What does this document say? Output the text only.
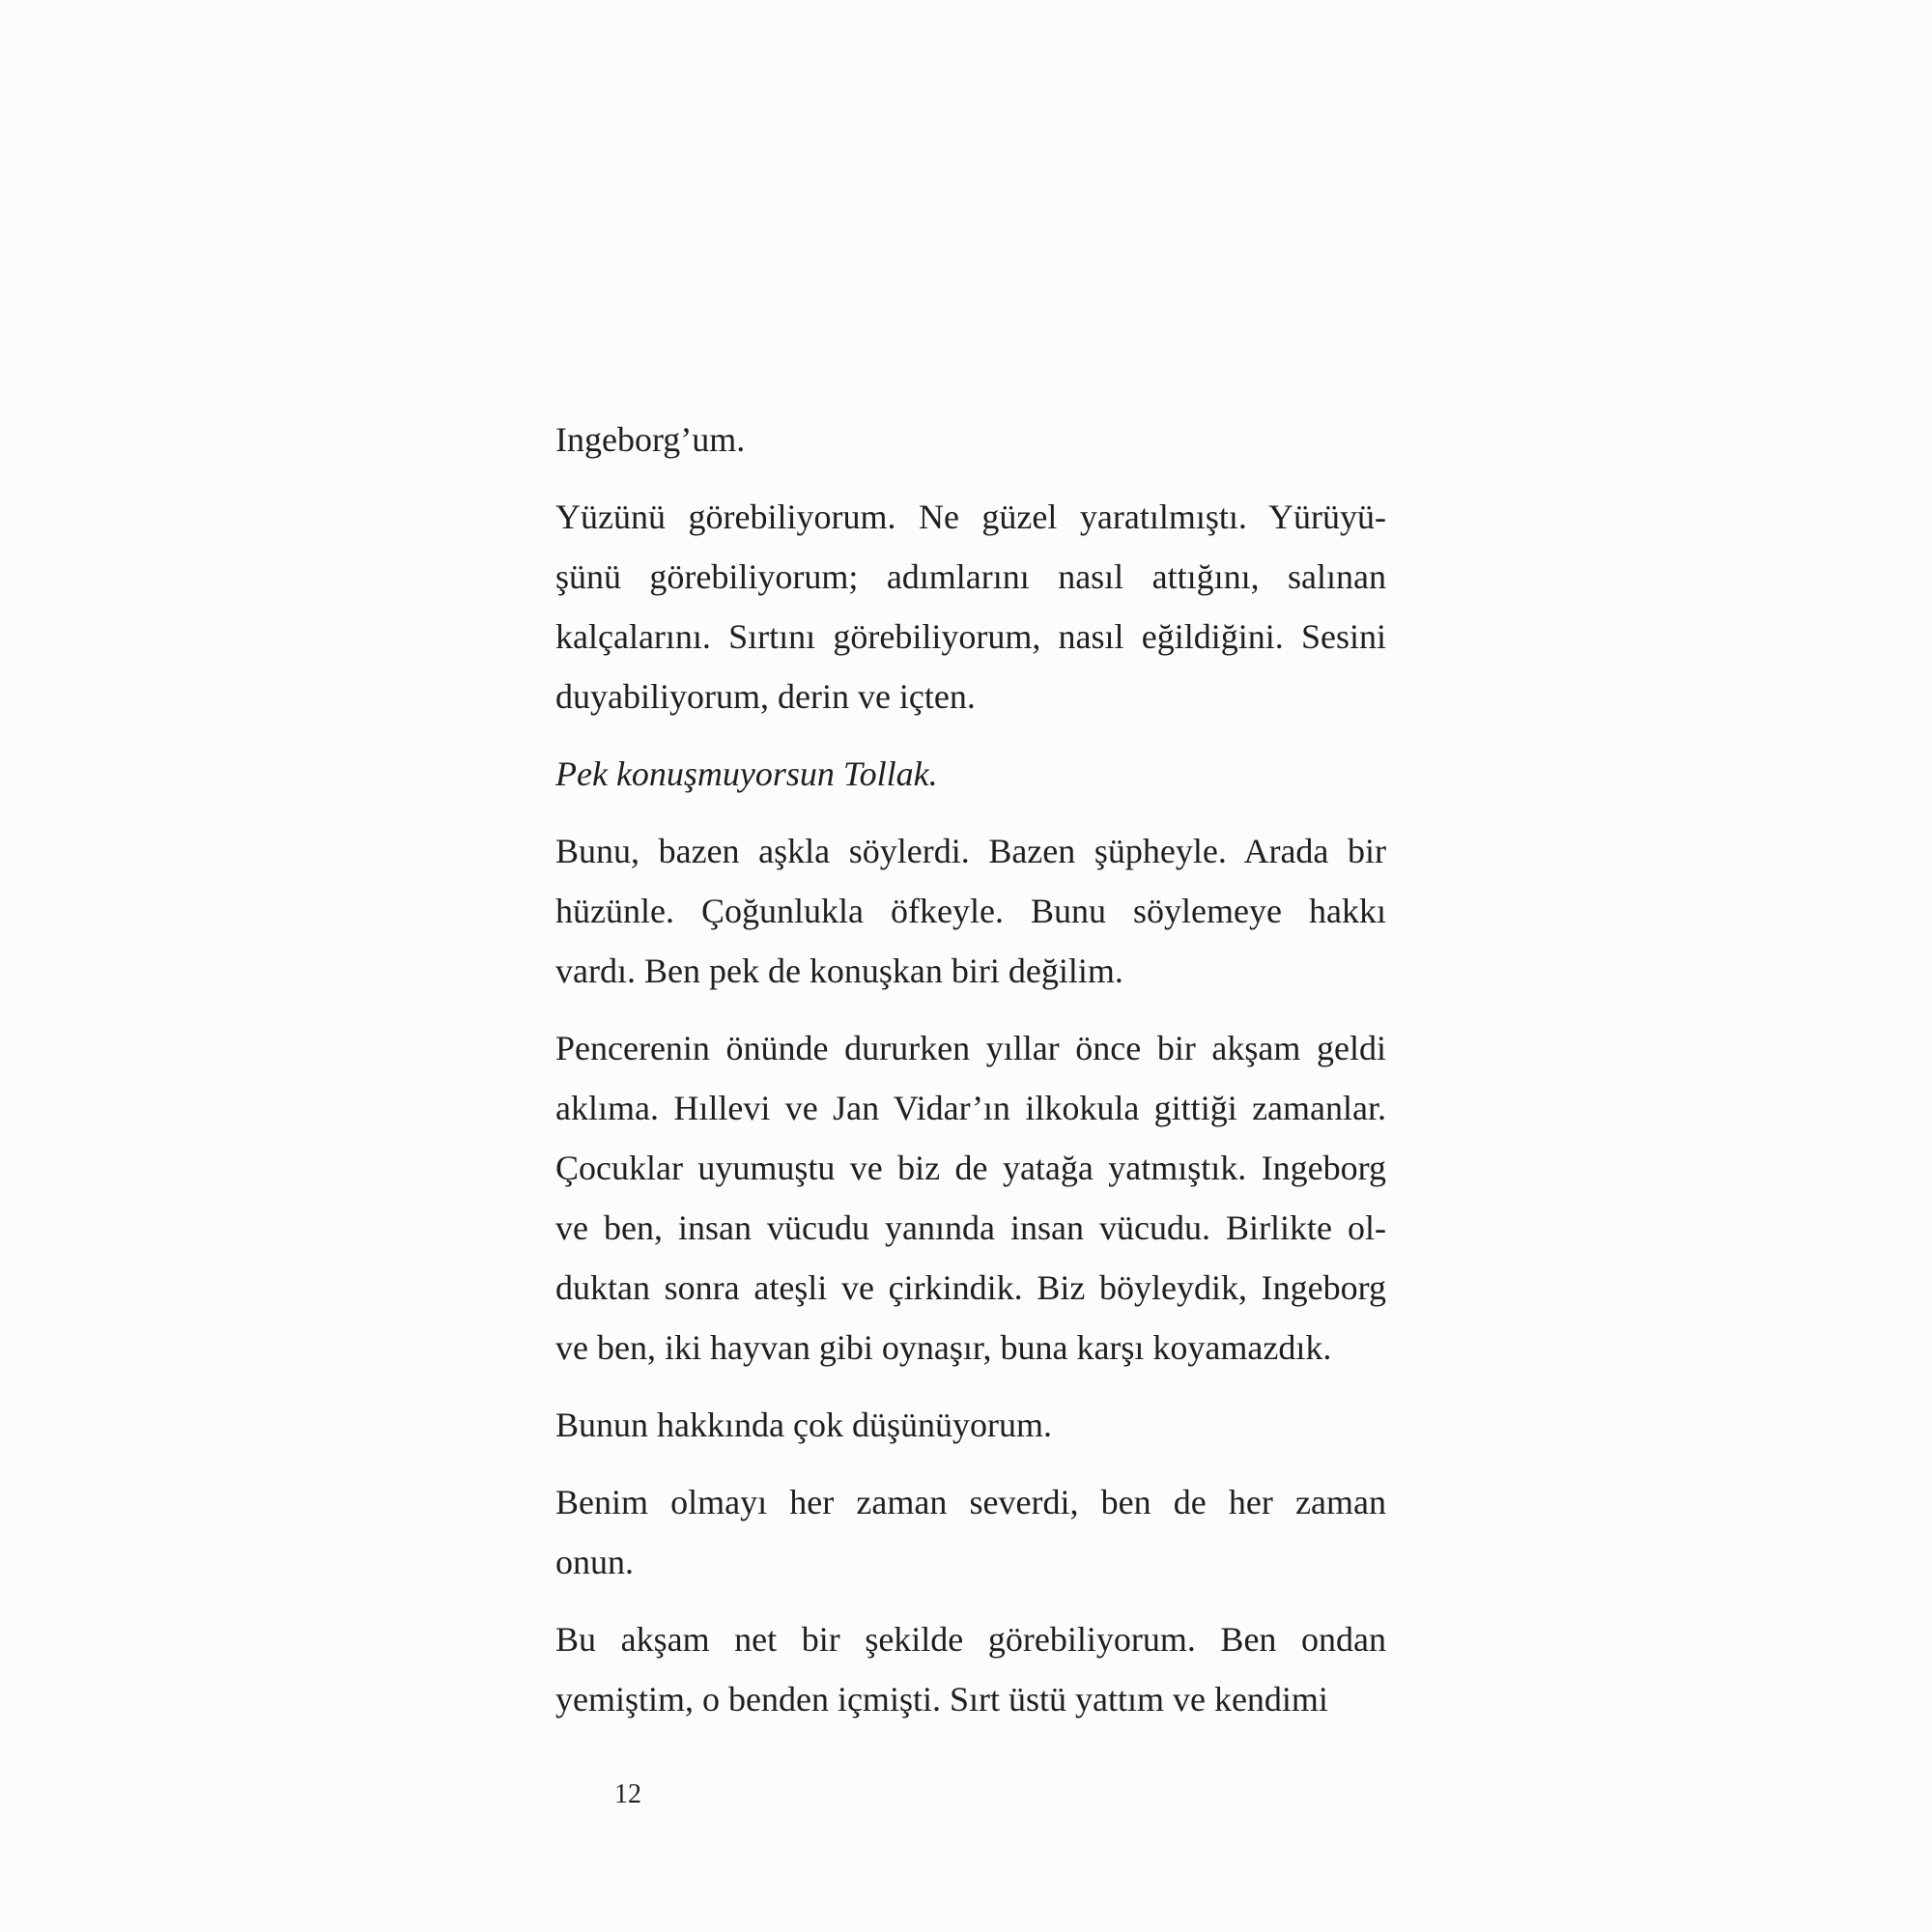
Ingeborg’um.

Yüzünü görebiliyorum. Ne güzel yaratılmıştı. Yürüyü-
şünü görebiliyorum; adımlarını nasıl attığını, salınan
kalçalarını. Sırtını görebiliyorum, nasıl eğildiğini. Sesini
duyabiliyorum, derin ve içten.

Pek konuşmuyorsun Tollak.

Bunu, bazen aşkla söylerdi. Bazen şüpheyle. Arada bir
hüzünle. Çoğunlukla öfkeyle. Bunu söylemeye hakkı
vardı. Ben pek de konuşkan biri değilim.

Pencerenin önünde dururken yıllar önce bir akşam geldi
aklıma. Hıllevi ve Jan Vidar’ın ilkokula gittiği zamanlar.
Çocuklar uyumuştu ve biz de yatağa yatmıştık. Ingeborg
ve ben, insan vücudu yanında insan vücudu. Birlikte ol-
duktan sonra ateşli ve çirkindik. Biz böyleydik, Ingeborg
ve ben, iki hayvan gibi oynaşır, buna karşı koyamazdık.

Bunun hakkında çok düşünüyorum.

Benim olmayı her zaman severdi, ben de her zaman
onun.

Bu akşam net bir şekilde görebiliyorum. Ben ondan
yemiştim, o benden içmişti. Sırt üstü yattım ve kendimi

12
